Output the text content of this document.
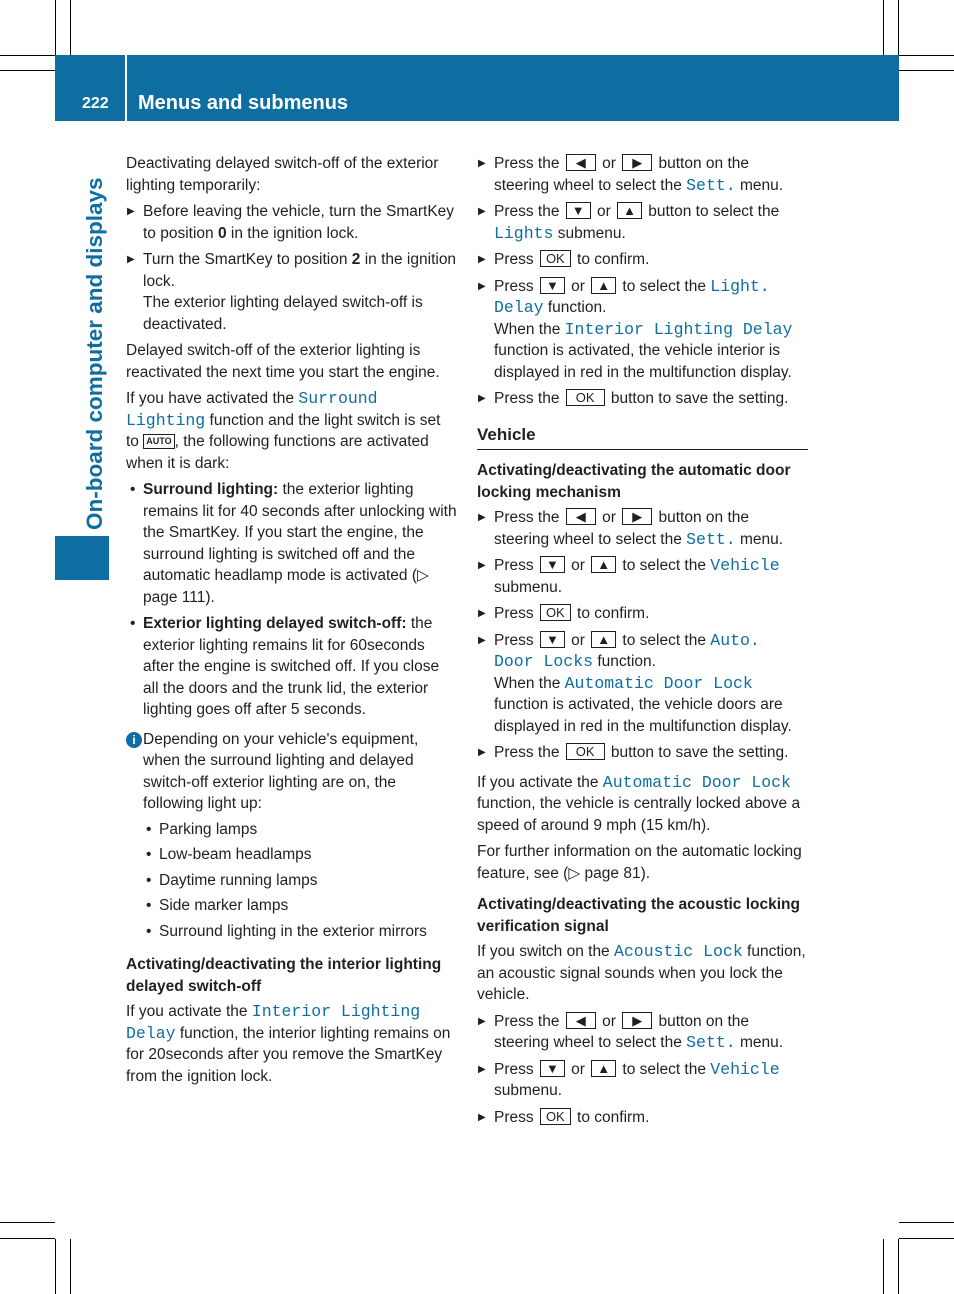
222 Menus and submenus
On-board computer and displays

Deactivating delayed switch-off of the exterior lighting temporarily:

▶ Before leaving the vehicle, turn the SmartKey to position 0 in the ignition lock.
▶ Turn the SmartKey to position 2 in the ignition lock.
The exterior lighting delayed switch-off is deactivated.

Delayed switch-off of the exterior lighting is reactivated the next time you start the engine.

If you have activated the Surround Lighting function and the light switch is set to AUTO , the following functions are activated when it is dark:

• Surround lighting: the exterior lighting remains lit for 40 seconds after unlocking with the SmartKey. If you start the engine, the surround lighting is switched off and the automatic headlamp mode is activated (▷ page 111).
• Exterior lighting delayed switch-off: the exterior lighting remains lit for 60seconds after the engine is switched off. If you close all the doors and the trunk lid, the exterior lighting goes off after 5 seconds.
i Depending on your vehicle's equipment, when the surround lighting and delayed switch-off exterior lighting are on, the following light up:
• Parking lamps
• Low-beam headlamps
• Daytime running lamps
• Side marker lamps
• Surround lighting in the exterior mirrors
Activating/deactivating the interior lighting delayed switch-off

If you activate the Interior Lighting Delay function, the interior lighting remains on for 20seconds after you remove the SmartKey from the ignition lock.

▶ Press the ◀ or ▶ button on the steering wheel to select the Sett. menu.
▶ Press the ▼ or ▲ button to select the Lights submenu.
▶ Press OK to confirm.
▶ Press ▼ or ▲ to select the Light. Delay function.
When the Interior Lighting Delay function is activated, the vehicle interior is displayed in red in the multifunction display.
▶ Press the OK button to save the setting.
Vehicle
Activating/deactivating the automatic door locking mechanism
▶ Press the ◀ or ▶ button on the steering wheel to select the Sett. menu.
▶ Press ▼ or ▲ to select the Vehicle submenu.
▶ Press OK to confirm.
▶ Press ▼ or ▲ to select the Auto. Door Locks function.
When the Automatic Door Lock function is activated, the vehicle doors are displayed in red in the multifunction display.
▶ Press the OK button to save the setting.

If you activate the Automatic Door Lock function, the vehicle is centrally locked above a speed of around 9 mph (15 km/h).

For further information on the automatic locking feature, see (▷ page 81).

Activating/deactivating the acoustic locking verification signal

If you switch on the Acoustic Lock function, an acoustic signal sounds when you lock the vehicle.

▶ Press the ◀ or ▶ button on the steering wheel to select the Sett. menu.
▶ Press ▼ or ▲ to select the Vehicle submenu.
▶ Press OK to confirm.
